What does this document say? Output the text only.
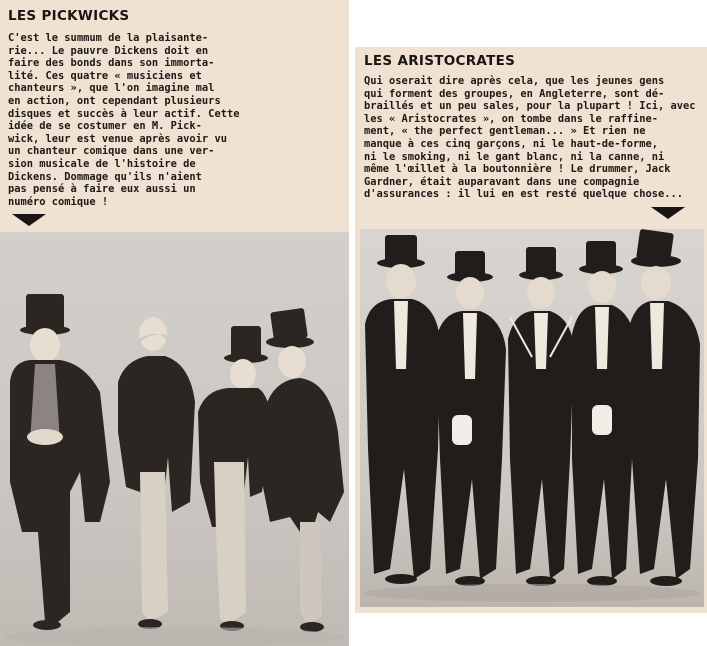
LES PICKWICKS
C'est le summum de la plaisante-
rie... Le pauvre Dickens doit en
faire des bonds dans son immorta-
lité. Ces quatre « musiciens et
chanteurs », que l'on imagine mal
en action, ont cependant plusieurs
disques et succès à leur actif. Cette
idée de se costumer en M. Pick-
wick, leur est venue après avoir vu
un chanteur comique dans une ver-
sion musicale de l'histoire de
Dickens. Dommage qu'ils n'aient
pas pensé à faire eux aussi un
numéro comique !
LES ARISTOCRATES
Qui oserait dire après cela, que les jeunes gens
qui forment des groupes, en Angleterre, sont dé-
braillés et un peu sales, pour la plupart ! Ici, avec
les « Aristocrates », on tombe dans le raffine-
ment, « the perfect gentleman... » Et rien ne
manque à ces cinq garçons, ni le haut-de-forme,
ni le smoking, ni le gant blanc, ni la canne, ni
même l'œillet à la boutonnière ! Le drummer, Jack
Gardner, était auparavant dans une compagnie
d'assurances : il lui en est resté quelque chose...
